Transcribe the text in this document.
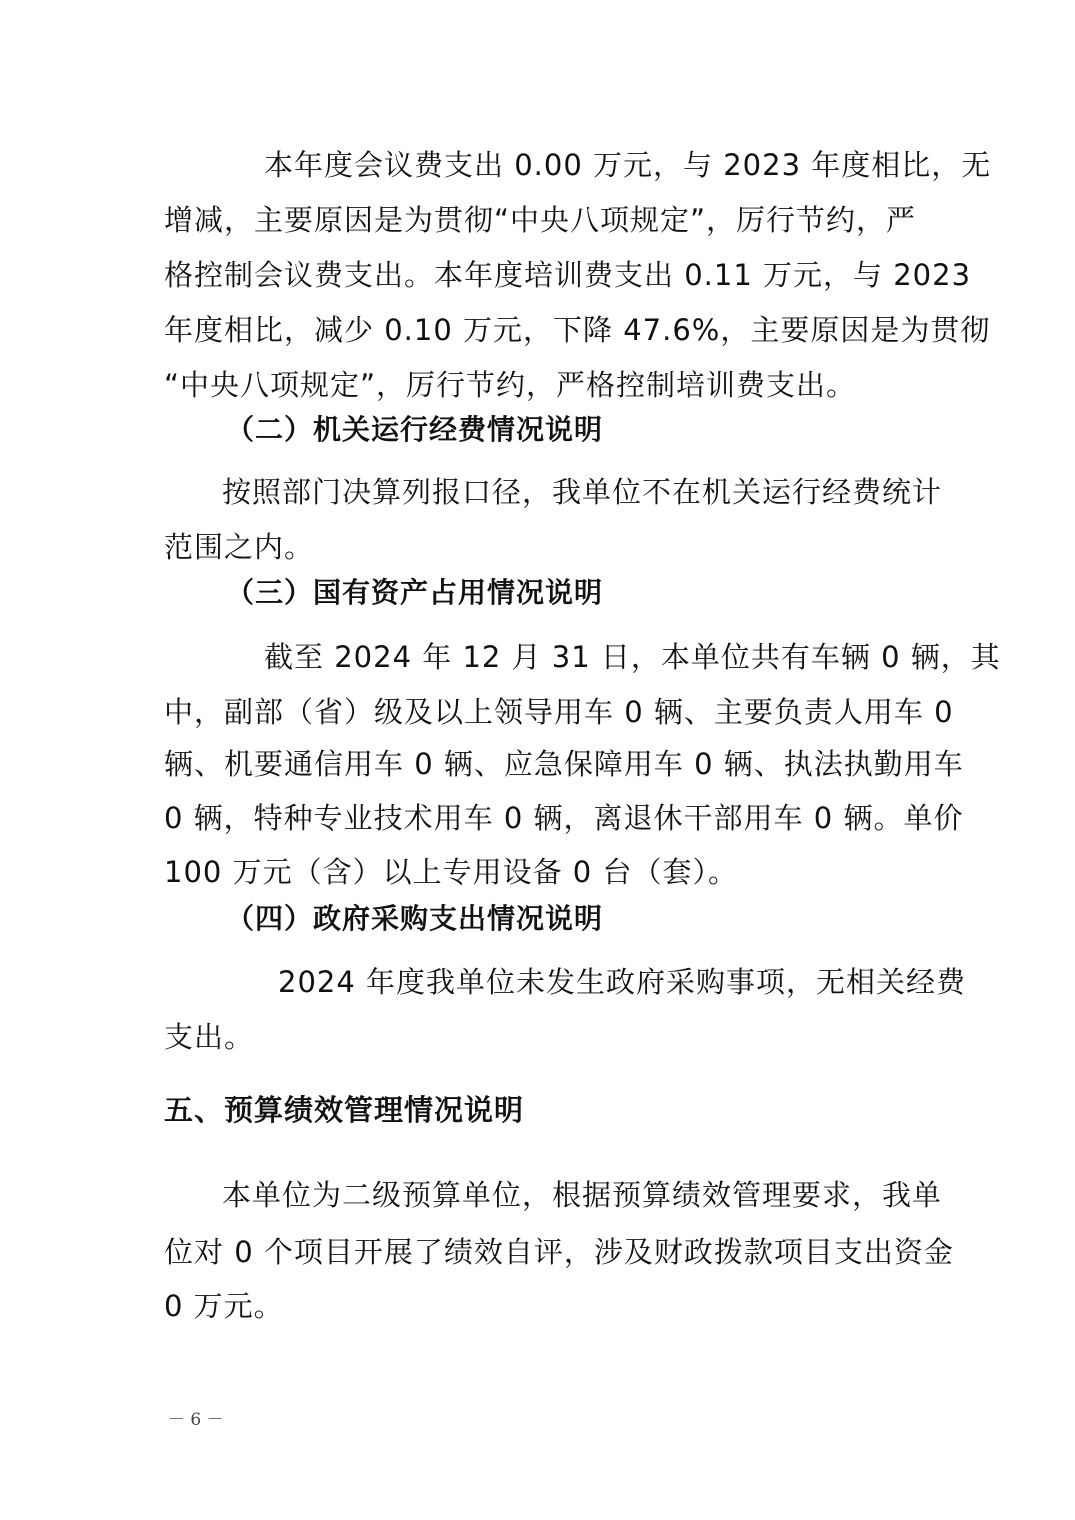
本年度会议费支出 0.00 万元，与 2023 年度相比，无
增减，主要原因是为贯彻“中央八项规定”，厉行节约，严
格控制会议费支出。本年度培训费支出 0.11 万元，与 2023
年度相比，减少 0.10 万元，下降 47.6%，主要原因是为贯彻
“中央八项规定”，厉行节约，严格控制培训费支出。
（二）机关运行经费情况说明
按照部门决算列报口径，我单位不在机关运行经费统计
范围之内。
（三）国有资产占用情况说明
截至 2024 年 12 月 31 日，本单位共有车辆 0 辆，其
中，副部（省）级及以上领导用车 0 辆、主要负责人用车 0
辆、机要通信用车 0 辆、应急保障用车 0 辆、执法执勤用车
0 辆，特种专业技术用车 0 辆，离退休干部用车 0 辆。单价
100 万元（含）以上专用设备 0 台（套）。
（四）政府采购支出情况说明
2024 年度我单位未发生政府采购事项，无相关经费
支出。
五、预算绩效管理情况说明
本单位为二级预算单位，根据预算绩效管理要求，我单
位对 0 个项目开展了绩效自评，涉及财政拨款项目支出资金
0 万元。
－ 6 －
